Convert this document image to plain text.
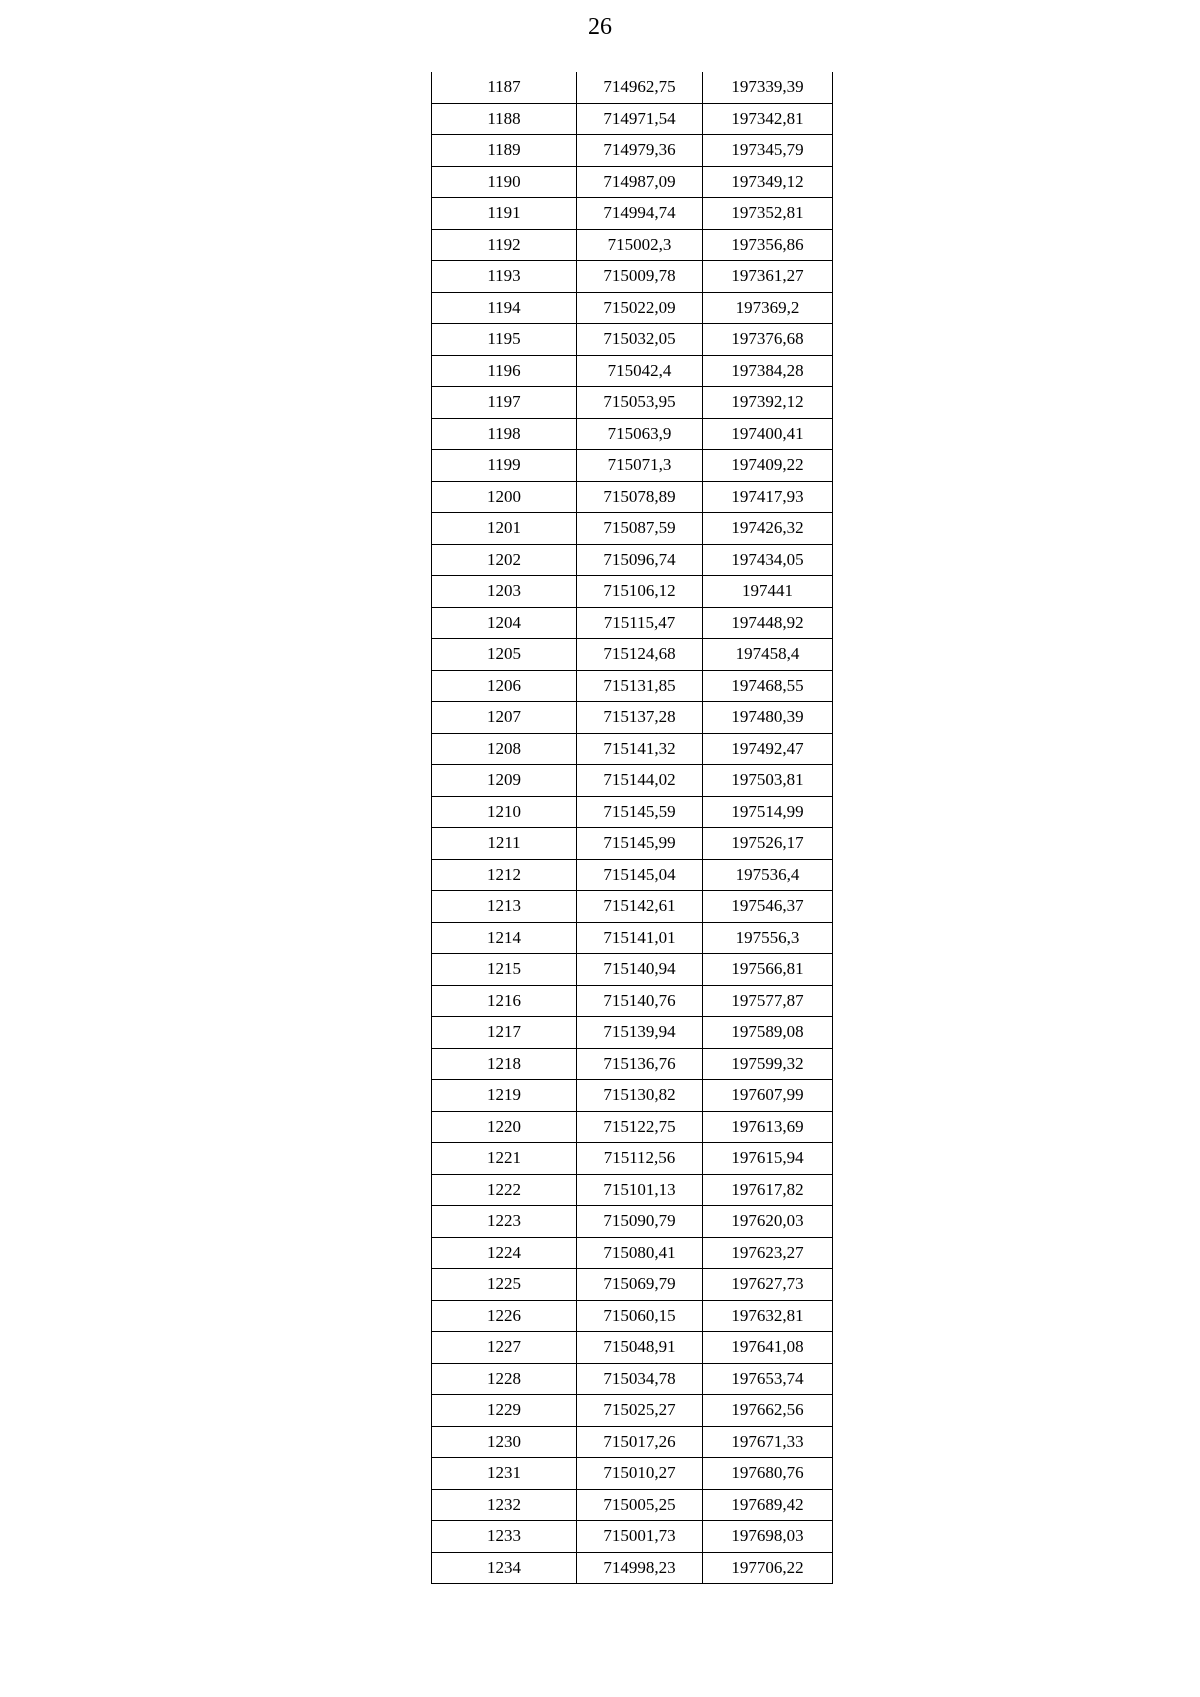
26
1187	714962,75	197339,39
1188	714971,54	197342,81
1189	714979,36	197345,79
1190	714987,09	197349,12
1191	714994,74	197352,81
1192	715002,3	197356,86
1193	715009,78	197361,27
1194	715022,09	197369,2
1195	715032,05	197376,68
1196	715042,4	197384,28
1197	715053,95	197392,12
1198	715063,9	197400,41
1199	715071,3	197409,22
1200	715078,89	197417,93
1201	715087,59	197426,32
1202	715096,74	197434,05
1203	715106,12	197441
1204	715115,47	197448,92
1205	715124,68	197458,4
1206	715131,85	197468,55
1207	715137,28	197480,39
1208	715141,32	197492,47
1209	715144,02	197503,81
1210	715145,59	197514,99
1211	715145,99	197526,17
1212	715145,04	197536,4
1213	715142,61	197546,37
1214	715141,01	197556,3
1215	715140,94	197566,81
1216	715140,76	197577,87
1217	715139,94	197589,08
1218	715136,76	197599,32
1219	715130,82	197607,99
1220	715122,75	197613,69
1221	715112,56	197615,94
1222	715101,13	197617,82
1223	715090,79	197620,03
1224	715080,41	197623,27
1225	715069,79	197627,73
1226	715060,15	197632,81
1227	715048,91	197641,08
1228	715034,78	197653,74
1229	715025,27	197662,56
1230	715017,26	197671,33
1231	715010,27	197680,76
1232	715005,25	197689,42
1233	715001,73	197698,03
1234	714998,23	197706,22
